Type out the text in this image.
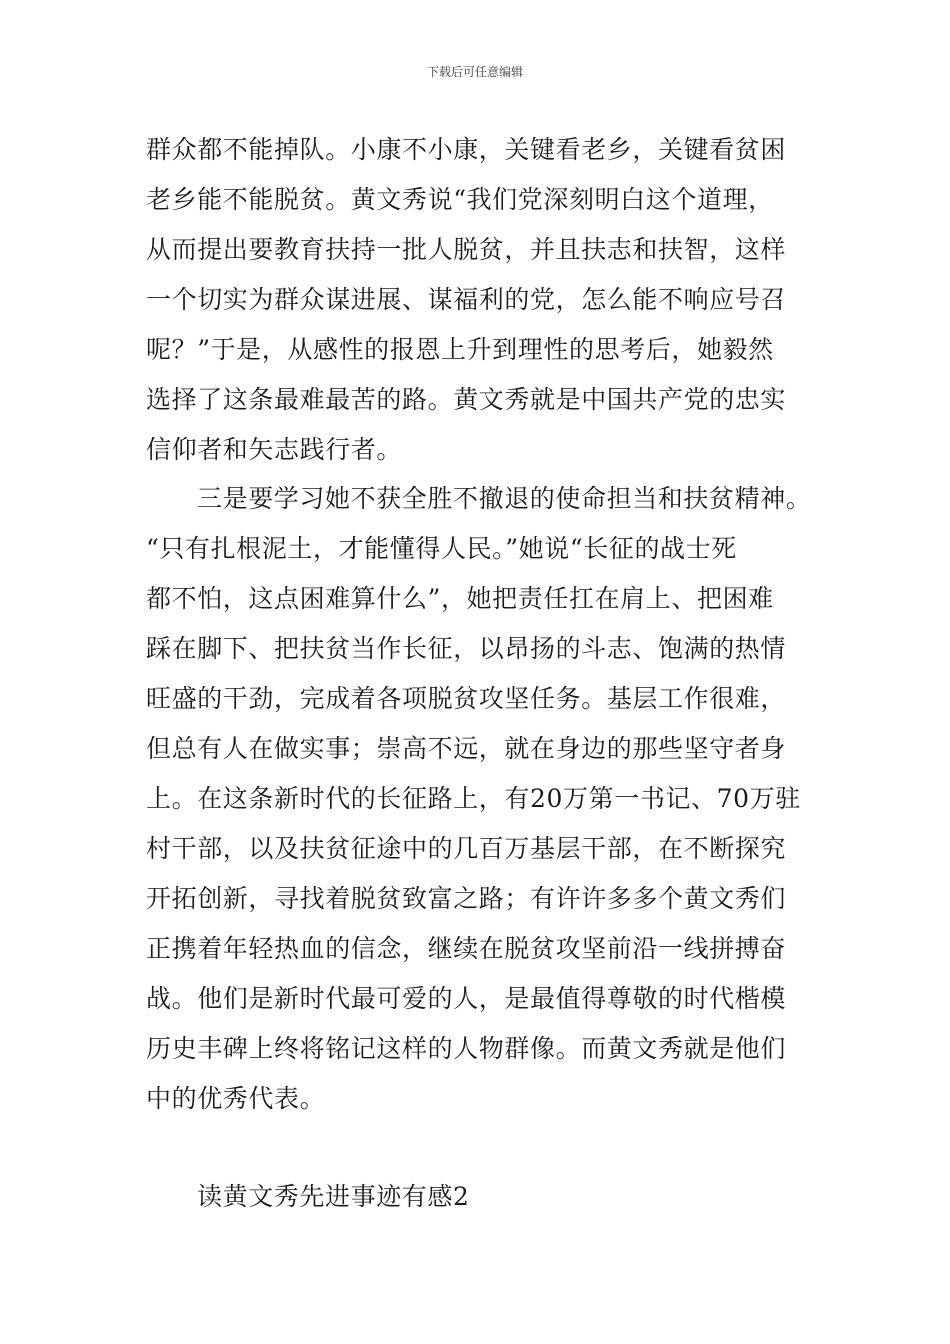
下载后可任意编辑
群众都不能掉队。小康不小康，关键看老乡，关键看贫困
老乡能不能脱贫。黄文秀说“我们党深刻明白这个道理，
从而提出要教育扶持一批人脱贫，并且扶志和扶智，这样
一个切实为群众谋进展、谋福利的党，怎么能不响应号召
呢？”于是，从感性的报恩上升到理性的思考后，她毅然
选择了这条最难最苦的路。黄文秀就是中国共产党的忠实
信仰者和矢志践行者。
三是要学习她不获全胜不撤退的使命担当和扶贫精神。
“只有扎根泥土，才能懂得人民。”她说“长征的战士死
都不怕，这点困难算什么”，她把责任扛在肩上、把困难
踩在脚下、把扶贫当作长征，以昂扬的斗志、饱满的热情
旺盛的干劲，完成着各项脱贫攻坚任务。基层工作很难，
但总有人在做实事；崇高不远，就在身边的那些坚守者身
上。在这条新时代的长征路上，有20万第一书记、70万驻
村干部，以及扶贫征途中的几百万基层干部，在不断探究
开拓创新，寻找着脱贫致富之路；有许许多多个黄文秀们
正携着年轻热血的信念，继续在脱贫攻坚前沿一线拼搏奋
战。他们是新时代最可爱的人，是最值得尊敬的时代楷模
历史丰碑上终将铭记这样的人物群像。而黄文秀就是他们
中的优秀代表。
读黄文秀先进事迹有感2
